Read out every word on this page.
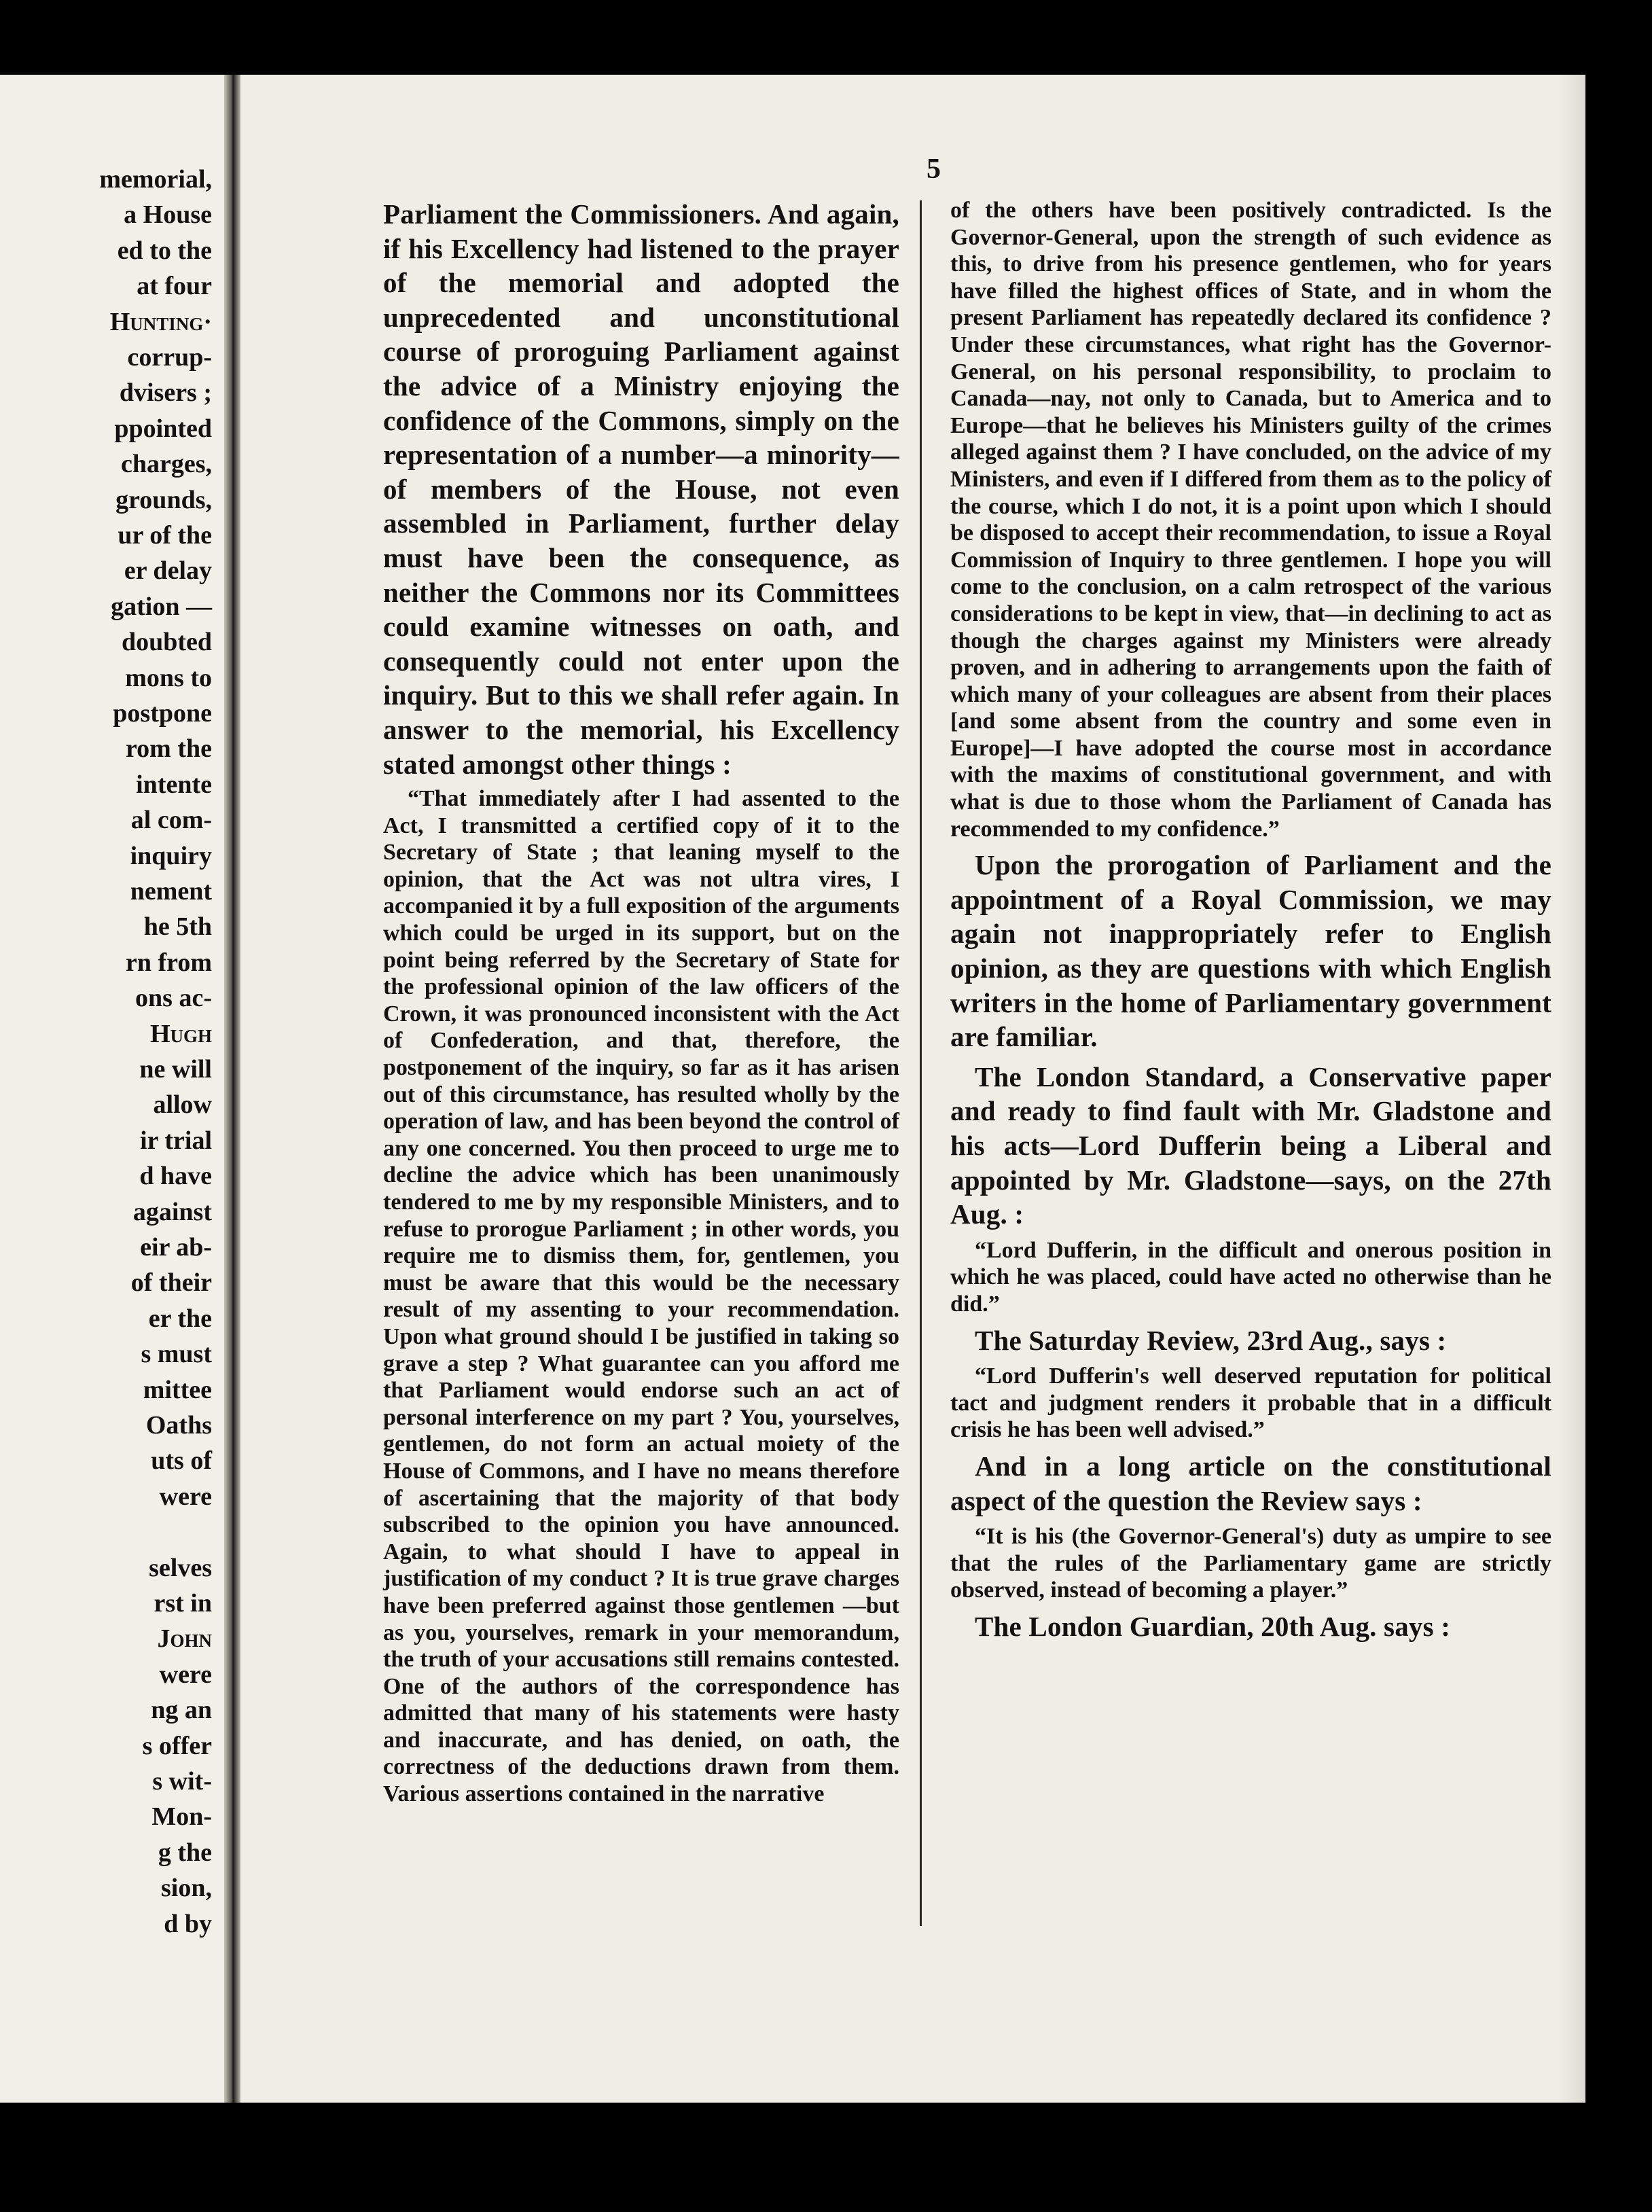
memorial,
a House
ed to the
at four
Hunting·
corrup-
dvisers ;
ppointed
charges,
grounds,
ur of the
er delay
gation —
doubted
mons to
postpone
rom the
intente
al com-
inquiry
nement
he 5th
rn from
ons ac-
Hugh
ne will
allow
ir trial
d have
against
eir ab-
of their
er the
s must
mittee
Oaths
uts of
were
selves
rst in
John
were
ng an
s offer
s wit-
Mon-
g the
sion,
d by
5

Parliament the Commissioners. And again, if his Excellency had listened to the prayer of the memorial and adopted the unprecedented and unconstitutional course of proroguing Parliament against the advice of a Ministry enjoying the confidence of the Commons, simply on the representation of a number—a minority—of members of the House, not even assembled in Parliament, further delay must have been the consequence, as neither the Commons nor its Committees could examine witnesses on oath, and consequently could not enter upon the inquiry. But to this we shall refer again. In answer to the memorial, his Excellency stated amongst other things :

“That immediately after I had assented to the Act, I transmitted a certified copy of it to the Secretary of State ; that leaning myself to the opinion, that the Act was not ultra vires, I accompanied it by a full exposition of the arguments which could be urged in its support, but on the point being referred by the Secretary of State for the professional opinion of the law officers of the Crown, it was pronounced inconsistent with the Act of Confederation, and that, therefore, the postponement of the inquiry, so far as it has arisen out of this circumstance, has resulted wholly by the operation of law, and has been beyond the control of any one concerned. You then proceed to urge me to decline the advice which has been unanimously tendered to me by my responsible Ministers, and to refuse to prorogue Parliament ; in other words, you require me to dismiss them, for, gentlemen, you must be aware that this would be the necessary result of my assenting to your recommendation. Upon what ground should I be justified in taking so grave a step ? What guarantee can you afford me that Parliament would endorse such an act of personal interference on my part ? You, yourselves, gentlemen, do not form an actual moiety of the House of Commons, and I have no means therefore of ascertaining that the majority of that body subscribed to the opinion you have announced. Again, to what should I have to appeal in justification of my conduct ? It is true grave charges have been preferred against those gentlemen —but as you, yourselves, remark in your memorandum, the truth of your accusations still remains contested. One of the authors of the correspondence has admitted that many of his statements were hasty and inaccurate, and has denied, on oath, the correctness of the deductions drawn from them. Various assertions contained in the narrative

of the others have been positively contradicted. Is the Governor-General, upon the strength of such evidence as this, to drive from his presence gentlemen, who for years have filled the highest offices of State, and in whom the present Parliament has repeatedly declared its confidence ? Under these circumstances, what right has the Governor-General, on his personal responsibility, to proclaim to Canada—nay, not only to Canada, but to America and to Europe—that he believes his Ministers guilty of the crimes alleged against them ? I have concluded, on the advice of my Ministers, and even if I differed from them as to the policy of the course, which I do not, it is a point upon which I should be disposed to accept their recommendation, to issue a Royal Commission of Inquiry to three gentlemen. I hope you will come to the conclusion, on a calm retrospect of the various considerations to be kept in view, that—in declining to act as though the charges against my Ministers were already proven, and in adhering to arrangements upon the faith of which many of your colleagues are absent from their places [and some absent from the country and some even in Europe]—I have adopted the course most in accordance with the maxims of constitutional government, and with what is due to those whom the Parliament of Canada has recommended to my confidence.”

Upon the prorogation of Parliament and the appointment of a Royal Commission, we may again not inappropriately refer to English opinion, as they are questions with which English writers in the home of Parliamentary government are familiar.

The London Standard, a Conservative paper and ready to find fault with Mr. Gladstone and his acts—Lord Dufferin being a Liberal and appointed by Mr. Gladstone—says, on the 27th Aug. :

“Lord Dufferin, in the difficult and onerous position in which he was placed, could have acted no otherwise than he did.”

The Saturday Review, 23rd Aug., says :

“Lord Dufferin's well deserved reputation for political tact and judgment renders it probable that in a difficult crisis he has been well advised.”

And in a long article on the constitutional aspect of the question the Review says :

“It is his (the Governor-General's) duty as umpire to see that the rules of the Parliamentary game are strictly observed, instead of becoming a player.”

The London Guardian, 20th Aug. says :
